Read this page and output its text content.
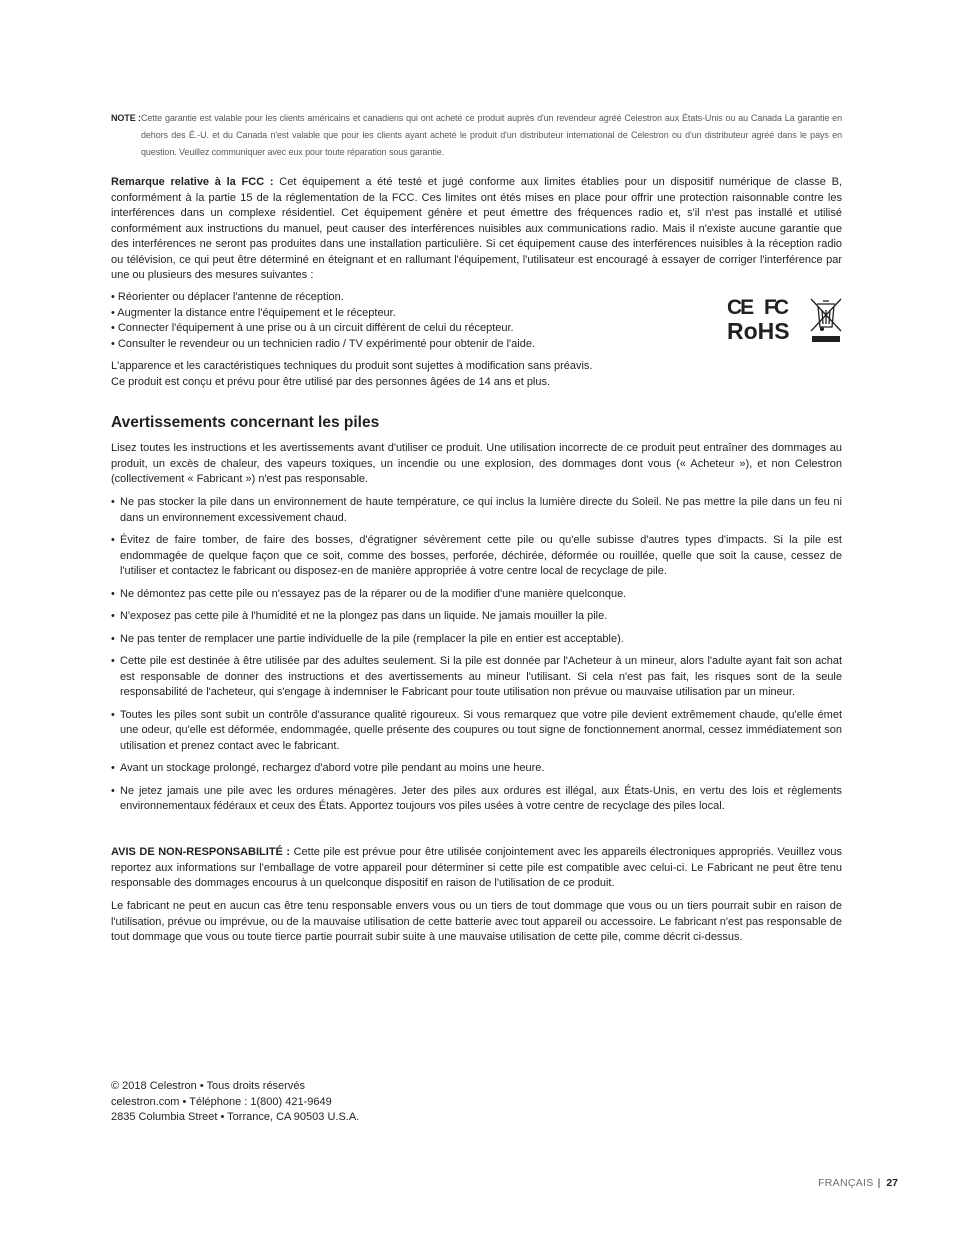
NOTE : Cette garantie est valable pour les clients américains et canadiens qui ont acheté ce produit auprès d'un revendeur agréé Celestron aux États-Unis ou au Canada La garantie en dehors des É.-U. et du Canada n'est valable que pour les clients ayant acheté le produit d'un distributeur international de Celestron ou d'un distributeur agréé dans le pays en question. Veuillez communiquer avec eux pour toute réparation sous garantie.
Remarque relative à la FCC : Cet équipement a été testé et jugé conforme aux limites établies pour un dispositif numérique de classe B, conformément à la partie 15 de la réglementation de la FCC. Ces limites ont étés mises en place pour offrir une protection raisonnable contre les interférences dans un complexe résidentiel. Cet équipement génère et peut émettre des fréquences radio et, s'il n'est pas installé et utilisé conformément aux instructions du manuel, peut causer des interférences nuisibles aux communications radio. Mais il n'existe aucune garantie que des interférences ne seront pas produites dans une installation particulière. Si cet équipement cause des interférences nuisibles à la réception radio ou télévision, ce qui peut être déterminé en éteignant et en rallumant l'équipement, l'utilisateur est encouragé à essayer de corriger l'interférence par une ou plusieurs des mesures suivantes :
• Réorienter ou déplacer l'antenne de réception.
• Augmenter la distance entre l'équipement et le récepteur.
• Connecter l'équipement à une prise ou à un circuit différent de celui du récepteur.
• Consulter le revendeur ou un technicien radio / TV expérimenté pour obtenir de l'aide.
CE FC
RoHS
L'apparence et les caractéristiques techniques du produit sont sujettes à modification sans préavis.
Ce produit est conçu et prévu pour être utilisé par des personnes âgées de 14 ans et plus.
Avertissements concernant les piles
Lisez toutes les instructions et les avertissements avant d'utiliser ce produit. Une utilisation incorrecte de ce produit peut entraîner des dommages au produit, un excès de chaleur, des vapeurs toxiques, un incendie ou une explosion, des dommages dont vous (« Acheteur »), et non Celestron (collectivement « Fabricant ») n'est pas responsable.
• Ne pas stocker la pile dans un environnement de haute température, ce qui inclus la lumière directe du Soleil. Ne pas mettre la pile dans un feu ni dans un environnement excessivement chaud.
• Évitez de faire tomber, de faire des bosses, d'égratigner sévèrement cette pile ou qu'elle subisse d'autres types d'impacts. Si la pile est endommagée de quelque façon que ce soit, comme des bosses, perforée, déchirée, déformée ou rouillée, quelle que soit la cause, cessez de l'utiliser et contactez le fabricant ou disposez-en de manière appropriée à votre centre local de recyclage de pile.
• Ne démontez pas cette pile ou n'essayez pas de la réparer ou de la modifier d'une manière quelconque.
• N'exposez pas cette pile à l'humidité et ne la plongez pas dans un liquide. Ne jamais mouiller la pile.
• Ne pas tenter de remplacer une partie individuelle de la pile (remplacer la pile en entier est acceptable).
• Cette pile est destinée à être utilisée par des adultes seulement. Si la pile est donnée par l'Acheteur à un mineur, alors l'adulte ayant fait son achat est responsable de donner des instructions et des avertissements au mineur l'utilisant. Si cela n'est pas fait, les risques sont de la seule responsabilité de l'acheteur, qui s'engage à indemniser le Fabricant pour toute utilisation non prévue ou mauvaise utilisation par un mineur.
• Toutes les piles sont subit un contrôle d'assurance qualité rigoureux. Si vous remarquez que votre pile devient extrêmement chaude, qu'elle émet une odeur, qu'elle est déformée, endommagée, quelle présente des coupures ou tout signe de fonctionnement anormal, cessez immédiatement son utilisation et prenez contact avec le fabricant.
• Avant un stockage prolongé, rechargez d'abord votre pile pendant au moins une heure.
• Ne jetez jamais une pile avec les ordures ménagères. Jeter des piles aux ordures est illégal, aux États-Unis, en vertu des lois et règlements environnementaux fédéraux et ceux des États. Apportez toujours vos piles usées à votre centre de recyclage des piles local.
AVIS DE NON-RESPONSABILITÉ : Cette pile est prévue pour être utilisée conjointement avec les appareils électroniques appropriés. Veuillez vous reportez aux informations sur l'emballage de votre appareil pour déterminer si cette pile est compatible avec celui-ci. Le Fabricant ne peut être tenu responsable des dommages encourus à un quelconque dispositif en raison de l'utilisation de ce produit.
Le fabricant ne peut en aucun cas être tenu responsable envers vous ou un tiers de tout dommage que vous ou un tiers pourrait subir en raison de l'utilisation, prévue ou imprévue, ou de la mauvaise utilisation de cette batterie avec tout appareil ou accessoire. Le fabricant n'est pas responsable de tout dommage que vous ou toute tierce partie pourrait subir suite à une mauvaise utilisation de cette pile, comme décrit ci-dessus.
© 2018 Celestron • Tous droits réservés
celestron.com • Téléphone : 1(800) 421-9649
2835 Columbia Street • Torrance, CA 90503 U.S.A.
FRANÇAIS | 27
